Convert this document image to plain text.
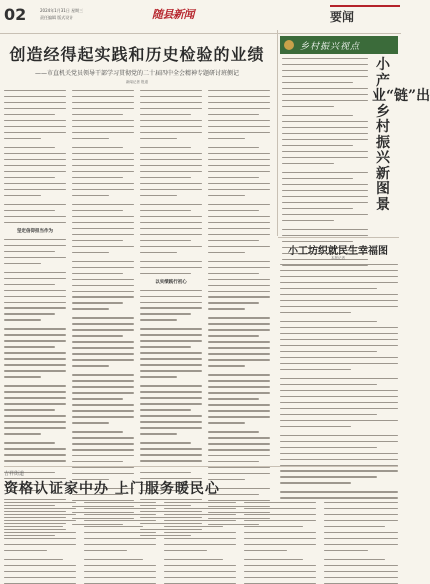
02	2024年1月31日 星期三
责任编辑 版式设计	随县新闻	要闻
创造经得起实践和历史检验的业绩
——市直机关党员领导干部学习贯彻党的二十届四中全会精神专题研讨班侧记
新闻记者 报道
坚定信仰担当作为
以实绩践行初心
乡村振兴视点
小产业“链”出乡村振兴新图景
小工坊织就民生幸福图
本报记者
吉祥街道
资格认证家中办 上门服务暖民心
